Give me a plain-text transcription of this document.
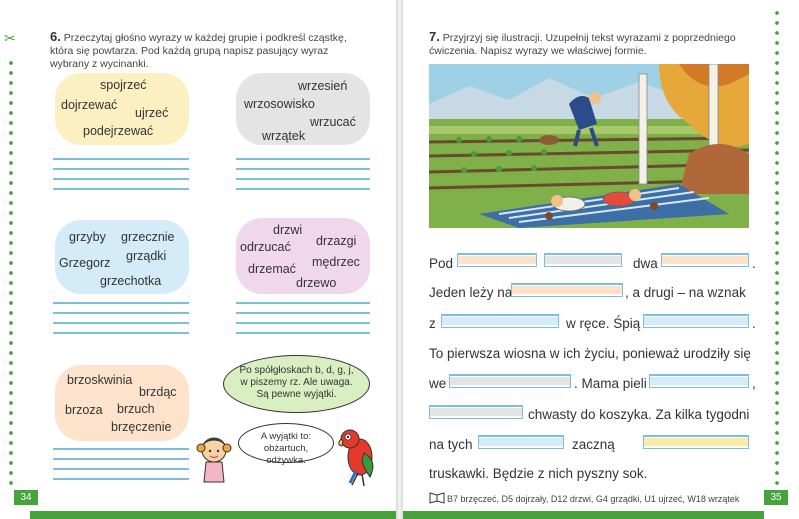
✂	6. Przeczytaj głośno wyrazy w każdej grupie i podkreśl cząstkę, która się powtarza. Pod każdą grupą napisz pasujący wyraz wybrany z wycinanki.
spojrzeć
dojrzewać
ujrzeć
podejrzewać
wrzesień
wrzosowisko
wrzucać
wrzątek
grzyby grzecznie
grządki
Grzegorz
grzechotka
drzwi
odrzucać drzazgi
drzemać mędrzec
drzewo
brzoskwinia
brzdąc
brzoza brzuch
brzęczenie
Po spółgłoskach b, d, g, j, w piszemy rz. Ale uwaga. Są pewne wyjątki.
A wyjątki to: obżartuch, odżywka.
34
7. Przyjrzyj się ilustracji. Uzupełnij tekst wyrazami z poprzedniego ćwiczenia. Napisz wyrazy we właściwej formie.
Pod	dwa	.
Jeden leży na	, a drugi – na wznak
z	w ręce. Śpią	.
To pierwsza wiosna w ich życiu, ponieważ urodziły się
we	. Mama pieli	,
chwasty do koszyka. Za kilka tygodni
na tych	zaczną
truskawki. Będzie z nich pyszny sok.
B7 brzęczeć, D5 dojrzały, D12 drzwi, G4 grządki, U1 ujrzeć, W18 wrzątek	35
